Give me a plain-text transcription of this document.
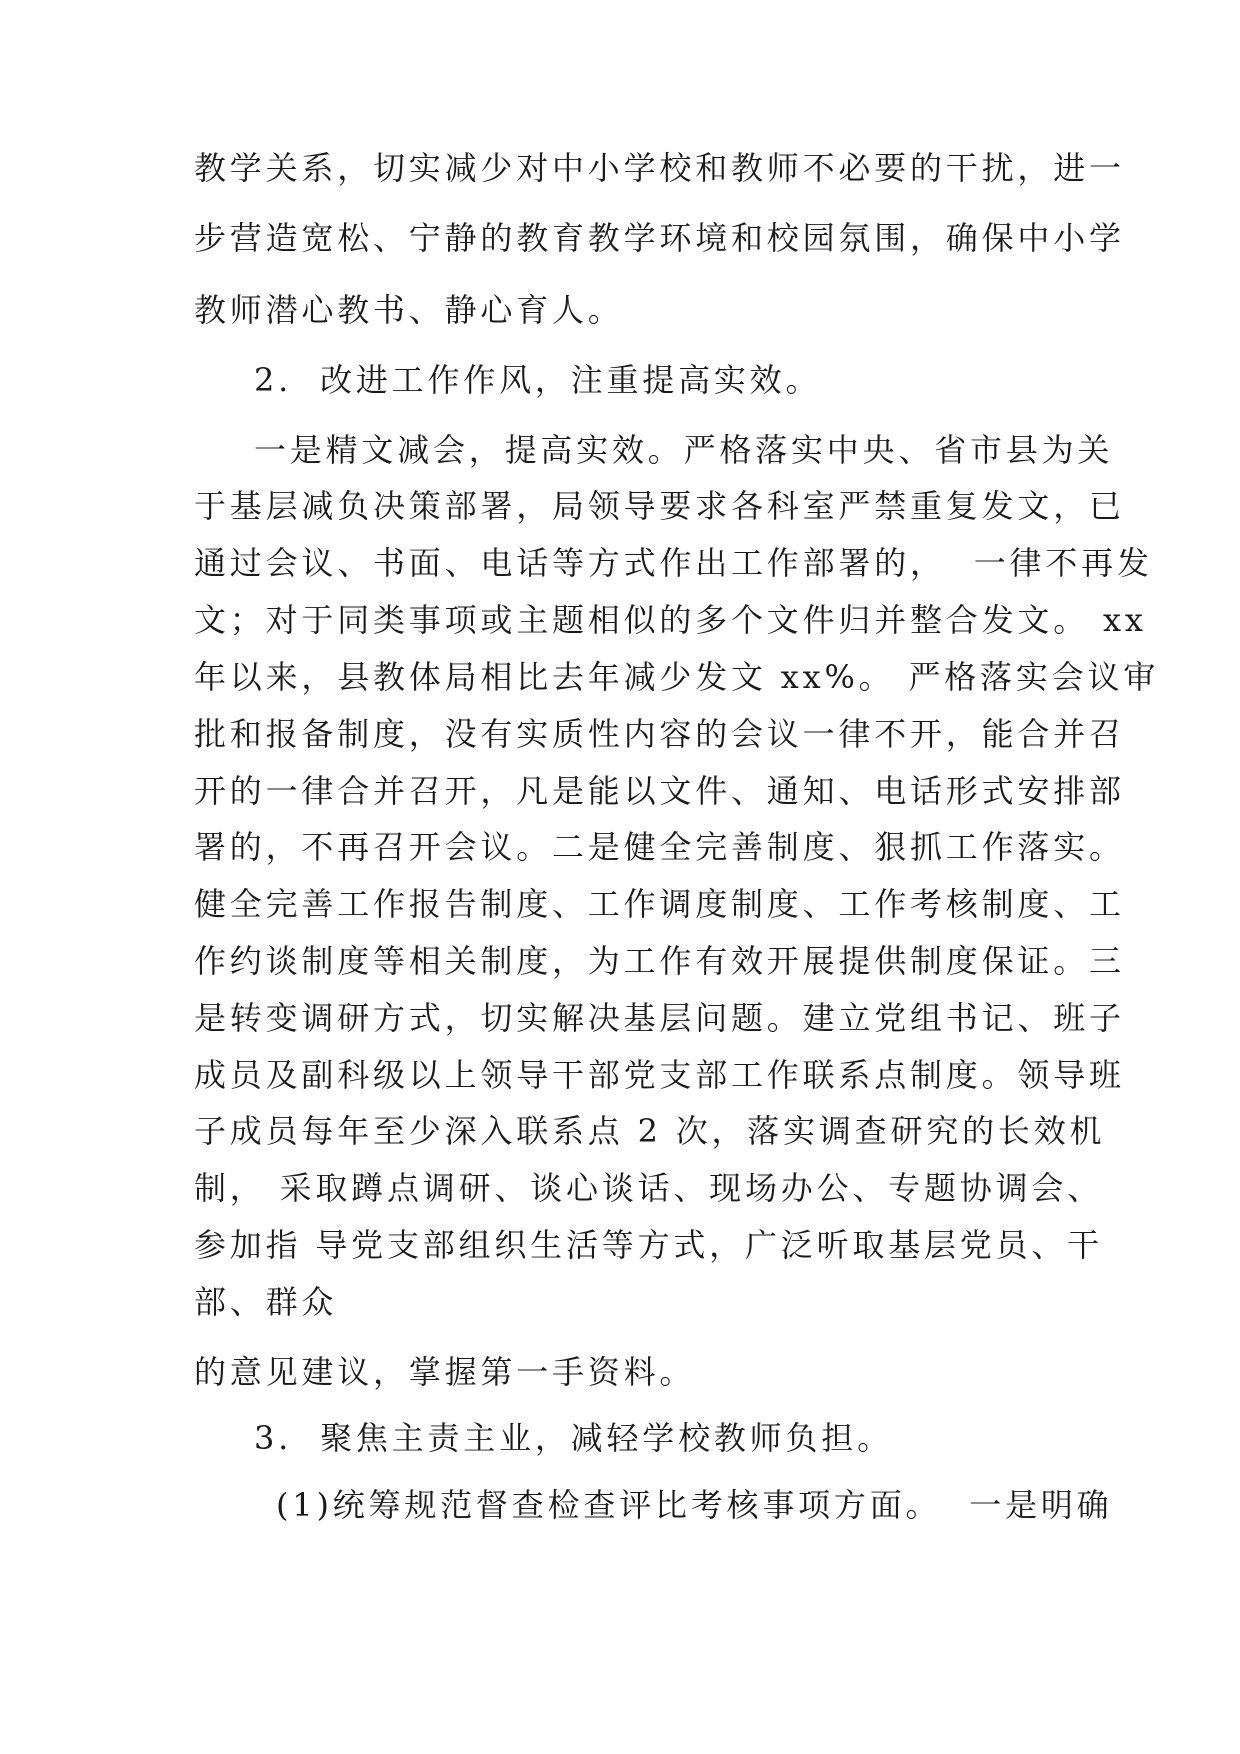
教学关系，切实减少对中小学校和教师不必要的干扰，进一
步营造宽松、宁静的教育教学环境和校园氛围，确保中小学
教师潜心教书、静心育人。
2.  改进工作作风，注重提高实效。
一是精文减会，提高实效。严格落实中央、省市县为关
于基层减负决策部署，局领导要求各科室严禁重复发文，已
通过会议、书面、电话等方式作出工作部署的，  一律不再发
文；对于同类事项或主题相似的多个文件归并整合发文。 xx
年以来，县教体局相比去年减少发文 xx%。 严格落实会议审
批和报备制度，没有实质性内容的会议一律不开，能合并召
开的一律合并召开，凡是能以文件、通知、电话形式安排部
署的，不再召开会议。二是健全完善制度、狠抓工作落实。
健全完善工作报告制度、工作调度制度、工作考核制度、工
作约谈制度等相关制度，为工作有效开展提供制度保证。三
是转变调研方式，切实解决基层问题。建立党组书记、班子
成员及副科级以上领导干部党支部工作联系点制度。领导班
子成员每年至少深入联系点 2 次，落实调查研究的长效机
制， 采取蹲点调研、谈心谈话、现场办公、专题协调会、
参加指 导党支部组织生活等方式，广泛听取基层党员、干
部、群众
的意见建议，掌握第一手资料。
3.  聚焦主责主业，减轻学校教师负担。
(1)统筹规范督查检查评比考核事项方面。  一是明确
